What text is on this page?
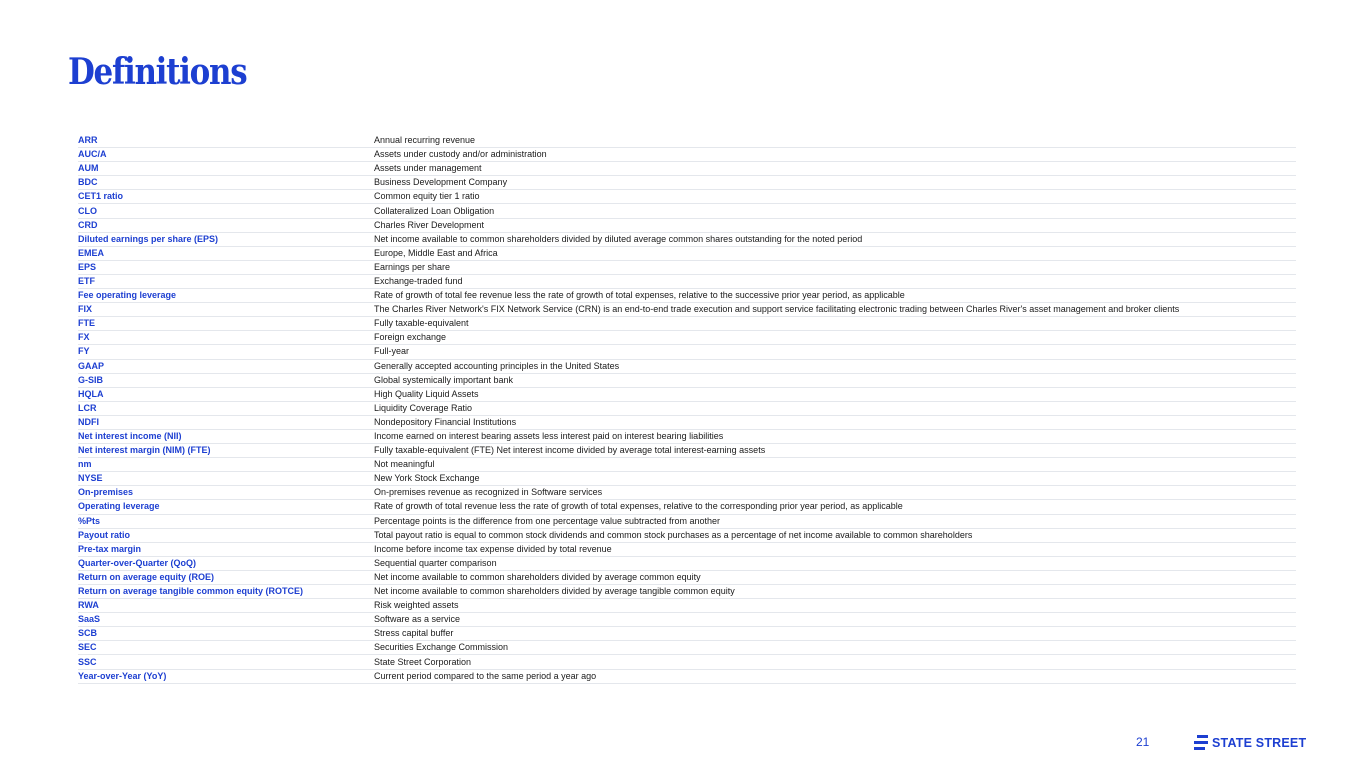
Definitions
ARR	Annual recurring revenue
AUC/A	Assets under custody and/or administration
AUM	Assets under management
BDC	Business Development Company
CET1 ratio	Common equity tier 1 ratio
CLO	Collateralized Loan Obligation
CRD	Charles River Development
Diluted earnings per share (EPS)	Net income available to common shareholders divided by diluted average common shares outstanding for the noted period
EMEA	Europe, Middle East and Africa
EPS	Earnings per share
ETF	Exchange-traded fund
Fee operating leverage	Rate of growth of total fee revenue less the rate of growth of total expenses, relative to the successive prior year period, as applicable
FIX	The Charles River Network's FIX Network Service (CRN) is an end-to-end trade execution and support service facilitating electronic trading between Charles River's asset management and broker clients
FTE	Fully taxable-equivalent
FX	Foreign exchange
FY	Full-year
GAAP	Generally accepted accounting principles in the United States
G-SIB	Global systemically important bank
HQLA	High Quality Liquid Assets
LCR	Liquidity Coverage Ratio
NDFI	Nondepository Financial Institutions
Net interest income (NII)	Income earned on interest bearing assets less interest paid on interest bearing liabilities
Net interest margin (NIM) (FTE)	Fully taxable-equivalent (FTE) Net interest income divided by average total interest-earning assets
nm	Not meaningful
NYSE	New York Stock Exchange
On-premises	On-premises revenue as recognized in Software services
Operating leverage	Rate of growth of total revenue less the rate of growth of total expenses, relative to the corresponding prior year period, as applicable
%Pts	Percentage points is the difference from one percentage value subtracted from another
Payout ratio	Total payout ratio is equal to common stock dividends and common stock purchases as a percentage of net income available to common shareholders
Pre-tax margin	Income before income tax expense divided by total revenue
Quarter-over-Quarter (QoQ)	Sequential quarter comparison
Return on average equity (ROE)	Net income available to common shareholders divided by average common equity
Return on average tangible common equity (ROTCE)	Net income available to common shareholders divided by average tangible common equity
RWA	Risk weighted assets
SaaS	Software as a service
SCB	Stress capital buffer
SEC	Securities Exchange Commission
SSC	State Street Corporation
Year-over-Year (YoY)	Current period compared to the same period a year ago
21	STATE STREET
